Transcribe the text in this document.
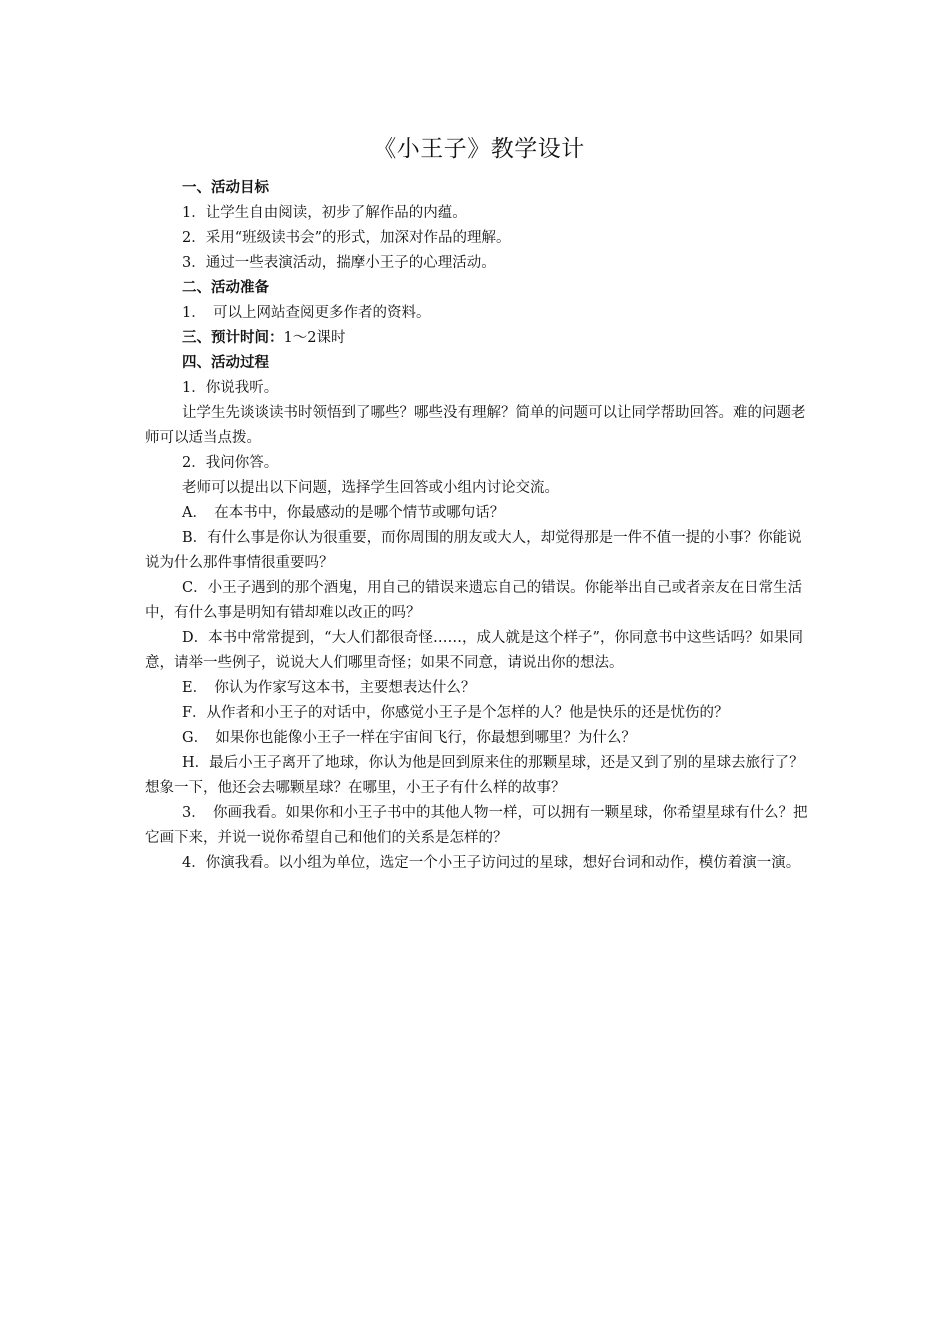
《小王子》教学设计

一、活动目标

1．让学生自由阅读，初步了解作品的内蕴。

2．采用“班级读书会”的形式，加深对作品的理解。

3．通过一些表演活动，揣摩小王子的心理活动。

二、活动准备

1．　可以上网站查阅更多作者的资料。

三、预计时间：1～2课时

四、活动过程

1．你说我听。

让学生先谈谈读书时领悟到了哪些？哪些没有理解？简单的问题可以让同学帮助回答。难的问题老师可以适当点拨。

2．我问你答。

老师可以提出以下问题，选择学生回答或小组内讨论交流。

A．　在本书中，你最感动的是哪个情节或哪句话？

B．有什么事是你认为很重要，而你周围的朋友或大人，却觉得那是一件不值一提的小事？你能说说为什么那件事情很重要吗？

C．小王子遇到的那个酒鬼，用自己的错误来遗忘自己的错误。你能举出自己或者亲友在日常生活中，有什么事是明知有错却难以改正的吗？

D．本书中常常提到，“大人们都很奇怪……，成人就是这个样子”，你同意书中这些话吗？如果同意，请举一些例子，说说大人们哪里奇怪；如果不同意，请说出你的想法。

E．　你认为作家写这本书，主要想表达什么？

F．从作者和小王子的对话中，你感觉小王子是个怎样的人？他是快乐的还是忧伤的？

G．　如果你也能像小王子一样在宇宙间飞行，你最想到哪里？为什么？

H．最后小王子离开了地球，你认为他是回到原来住的那颗星球，还是又到了别的星球去旅行了？想象一下，他还会去哪颗星球？在哪里，小王子有什么样的故事？

3．　你画我看。如果你和小王子书中的其他人物一样，可以拥有一颗星球，你希望星球有什么？把它画下来，并说一说你希望自己和他们的关系是怎样的？

4．你演我看。以小组为单位，选定一个小王子访问过的星球，想好台词和动作，模仿着演一演。
